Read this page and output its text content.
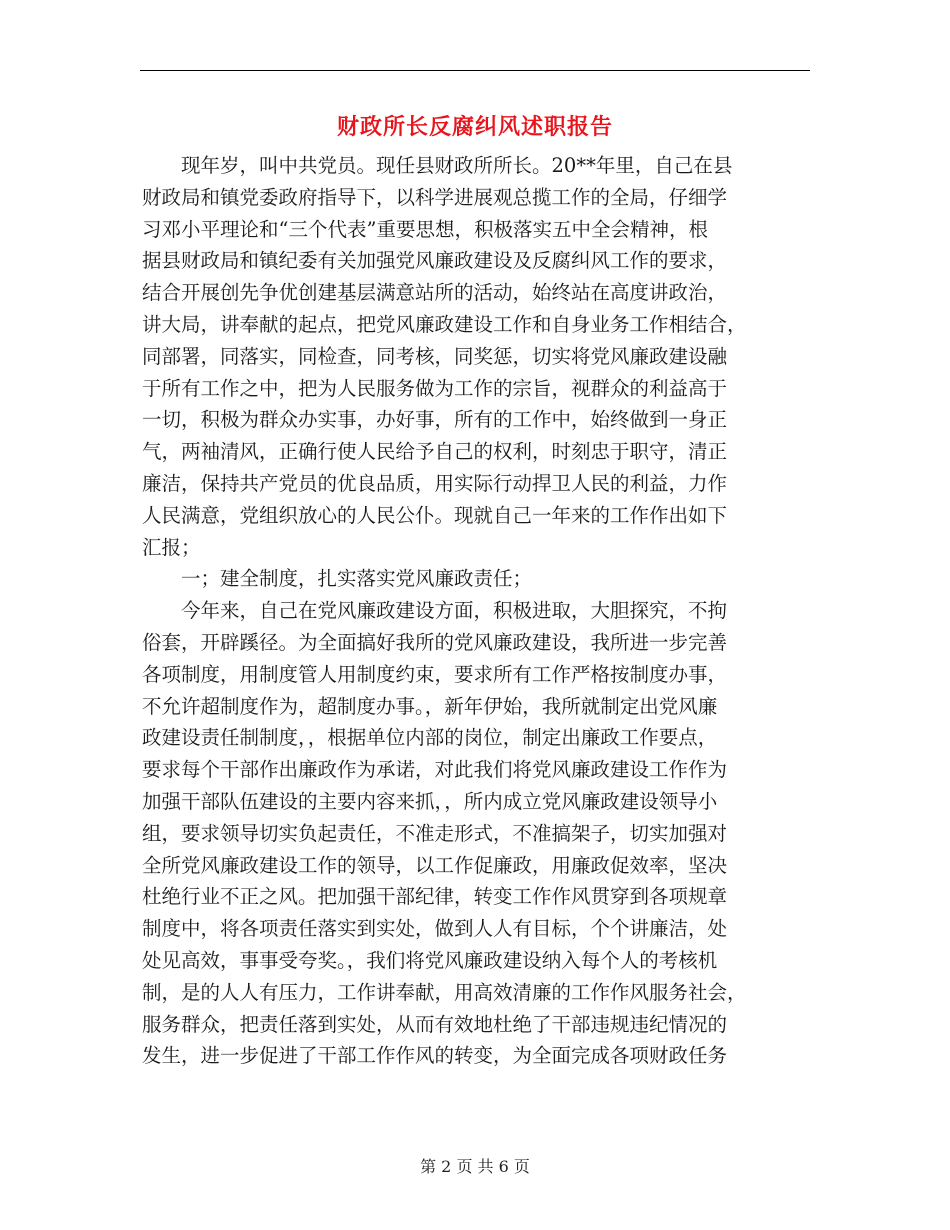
财政所长反腐纠风述职报告
　　现年岁，叫中共党员。现任县财政所所长。20**年里，自己在县
财政局和镇党委政府指导下，以科学进展观总揽工作的全局，仔细学
习邓小平理论和“三个代表”重要思想，积极落实五中全会精神，根
据县财政局和镇纪委有关加强党风廉政建设及反腐纠风工作的要求，
结合开展创先争优创建基层满意站所的活动，始终站在高度讲政治，
讲大局，讲奉献的起点，把党风廉政建设工作和自身业务工作相结合，
同部署，同落实，同检查，同考核，同奖惩，切实将党风廉政建设融
于所有工作之中，把为人民服务做为工作的宗旨，视群众的利益高于
一切，积极为群众办实事，办好事，所有的工作中，始终做到一身正
气，两袖清风，正确行使人民给予自己的权利，时刻忠于职守，清正
廉洁，保持共产党员的优良品质，用实际行动捍卫人民的利益，力作
人民满意，党组织放心的人民公仆。现就自己一年来的工作作出如下
汇报；
　　一；建全制度，扎实落实党风廉政责任；
　　今年来，自己在党风廉政建设方面，积极进取，大胆探究，不拘
俗套，开辟蹊径。为全面搞好我所的党风廉政建设，我所进一步完善
各项制度，用制度管人用制度约束，要求所有工作严格按制度办事，
不允许超制度作为，超制度办事。，新年伊始，我所就制定出党风廉
政建设责任制制度，，根据单位内部的岗位，制定出廉政工作要点，
要求每个干部作出廉政作为承诺，对此我们将党风廉政建设工作作为
加强干部队伍建设的主要内容来抓，，所内成立党风廉政建设领导小
组，要求领导切实负起责任，不准走形式，不准搞架子，切实加强对
全所党风廉政建设工作的领导，以工作促廉政，用廉政促效率，坚决
杜绝行业不正之风。把加强干部纪律，转变工作作风贯穿到各项规章
制度中，将各项责任落实到实处，做到人人有目标，个个讲廉洁，处
处见高效，事事受夸奖。，我们将党风廉政建设纳入每个人的考核机
制，是的人人有压力，工作讲奉献，用高效清廉的工作作风服务社会，
服务群众，把责任落到实处，从而有效地杜绝了干部违规违纪情况的
发生，进一步促进了干部工作作风的转变，为全面完成各项财政任务
第 2 页 共 6 页
